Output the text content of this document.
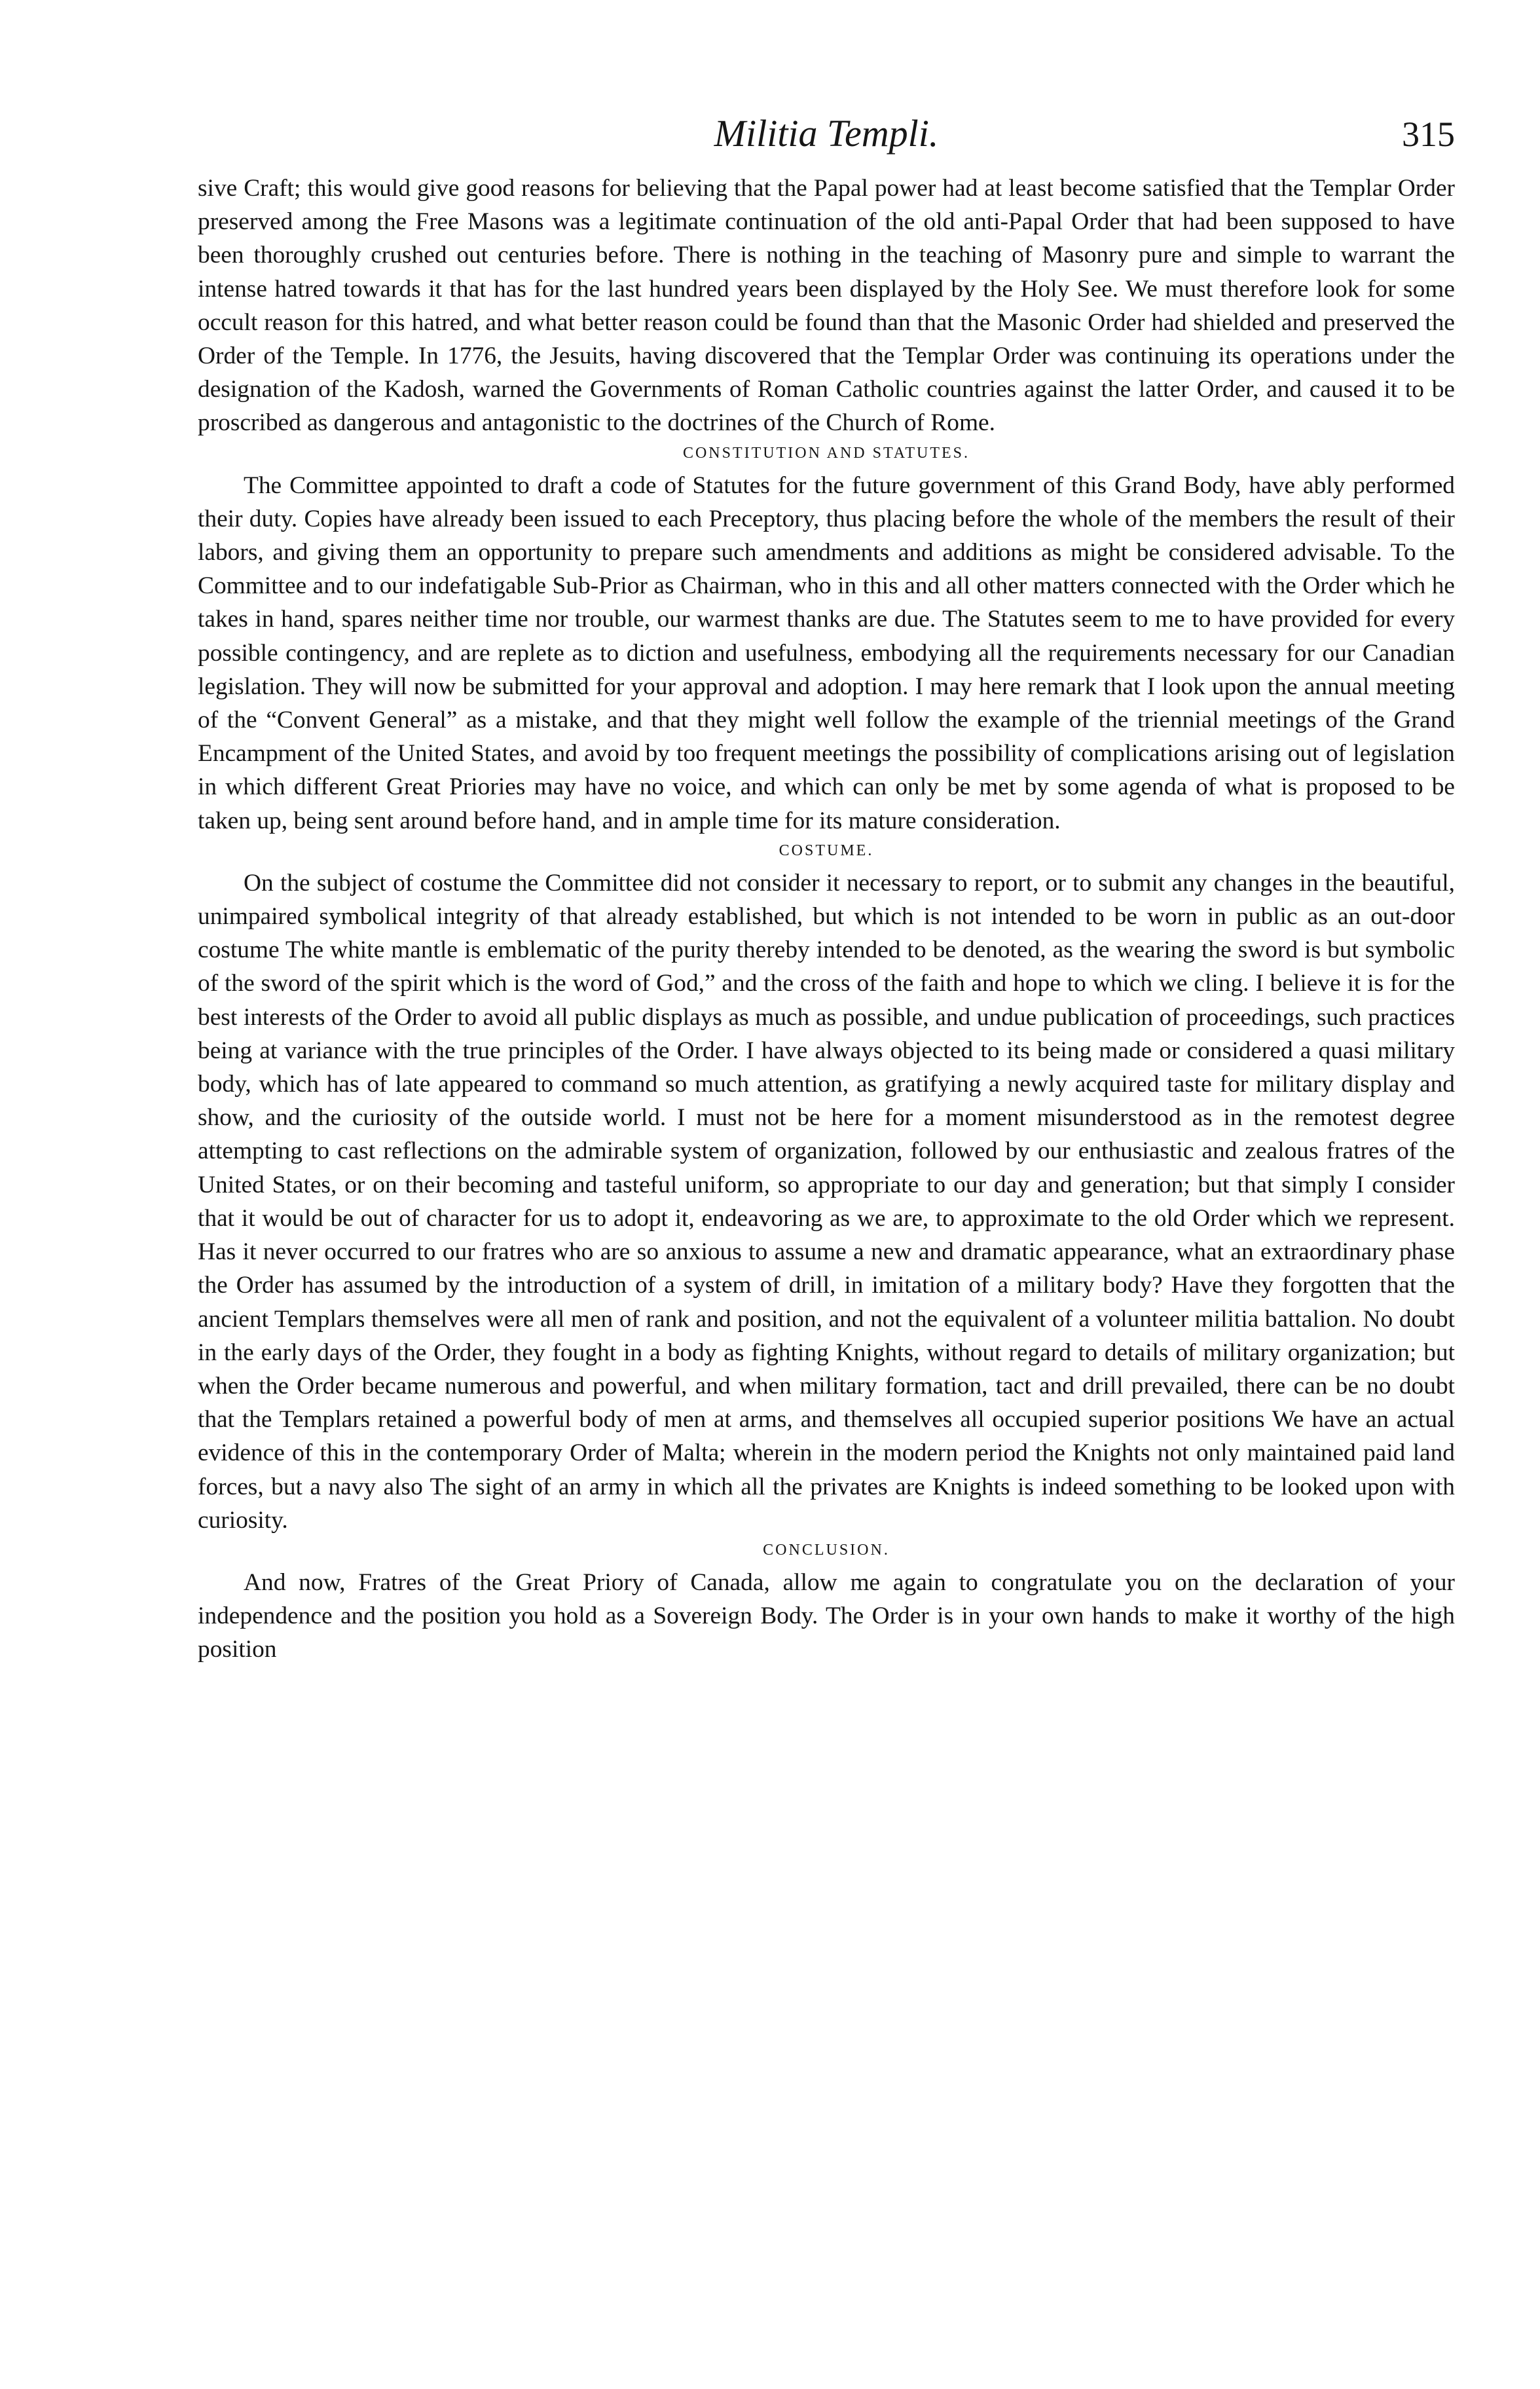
Militia Templi.	315

sive Craft; this would give good reasons for believing that the Papal power had at least become satisfied that the Templar Order preserved among the Free Masons was a legitimate continuation of the old anti-Papal Order that had been supposed to have been thoroughly crushed out centuries before. There is nothing in the teaching of Masonry pure and simple to warrant the intense hatred towards it that has for the last hundred years been displayed by the Holy See. We must therefore look for some occult reason for this hatred, and what better reason could be found than that the Masonic Order had shielded and preserved the Order of the Temple. In 1776, the Jesuits, having discovered that the Templar Order was continuing its operations under the designation of the Kadosh, warned the Governments of Roman Catholic countries against the latter Order, and caused it to be proscribed as dangerous and antagonistic to the doctrines of the Church of Rome.

CONSTITUTION AND STATUTES.

The Committee appointed to draft a code of Statutes for the future government of this Grand Body, have ably performed their duty. Copies have already been issued to each Preceptory, thus placing before the whole of the members the result of their labors, and giving them an opportunity to prepare such amendments and additions as might be considered advisable. To the Committee and to our indefatigable Sub-Prior as Chairman, who in this and all other matters connected with the Order which he takes in hand, spares neither time nor trouble, our warmest thanks are due. The Statutes seem to me to have provided for every possible contingency, and are replete as to diction and usefulness, embodying all the requirements necessary for our Canadian legislation. They will now be submitted for your approval and adoption. I may here remark that I look upon the annual meeting of the “Convent General” as a mistake, and that they might well follow the example of the triennial meetings of the Grand Encampment of the United States, and avoid by too frequent meetings the possibility of complications arising out of legislation in which different Great Priories may have no voice, and which can only be met by some agenda of what is proposed to be taken up, being sent around before hand, and in ample time for its mature consideration.

COSTUME.

On the subject of costume the Committee did not consider it necessary to report, or to submit any changes in the beautiful, unimpaired symbolical integrity of that already established, but which is not intended to be worn in public as an out-door costume The white mantle is emblematic of the purity thereby intended to be denoted, as the wearing the sword is but symbolic of the sword of the spirit which is the word of God,” and the cross of the faith and hope to which we cling. I believe it is for the best interests of the Order to avoid all public displays as much as possible, and undue publication of proceedings, such practices being at variance with the true principles of the Order. I have always objected to its being made or considered a quasi military body, which has of late appeared to command so much attention, as gratifying a newly acquired taste for military display and show, and the curiosity of the outside world. I must not be here for a moment misunderstood as in the remotest degree attempting to cast reflections on the admirable system of organization, followed by our enthusiastic and zealous fratres of the United States, or on their becoming and tasteful uniform, so appropriate to our day and generation; but that simply I consider that it would be out of character for us to adopt it, endeavoring as we are, to approximate to the old Order which we represent. Has it never occurred to our fratres who are so anxious to assume a new and dramatic appearance, what an extraordinary phase the Order has assumed by the introduction of a system of drill, in imitation of a military body? Have they forgotten that the ancient Templars themselves were all men of rank and position, and not the equivalent of a volunteer militia battalion. No doubt in the early days of the Order, they fought in a body as fighting Knights, without regard to details of military organization; but when the Order became numerous and powerful, and when military formation, tact and drill prevailed, there can be no doubt that the Templars retained a powerful body of men at arms, and themselves all occupied superior positions We have an actual evidence of this in the contemporary Order of Malta; wherein in the modern period the Knights not only maintained paid land forces, but a navy also The sight of an army in which all the privates are Knights is indeed something to be looked upon with curiosity.

CONCLUSION.

And now, Fratres of the Great Priory of Canada, allow me again to congratulate you on the declaration of your independence and the position you hold as a Sovereign Body. The Order is in your own hands to make it worthy of the high position
